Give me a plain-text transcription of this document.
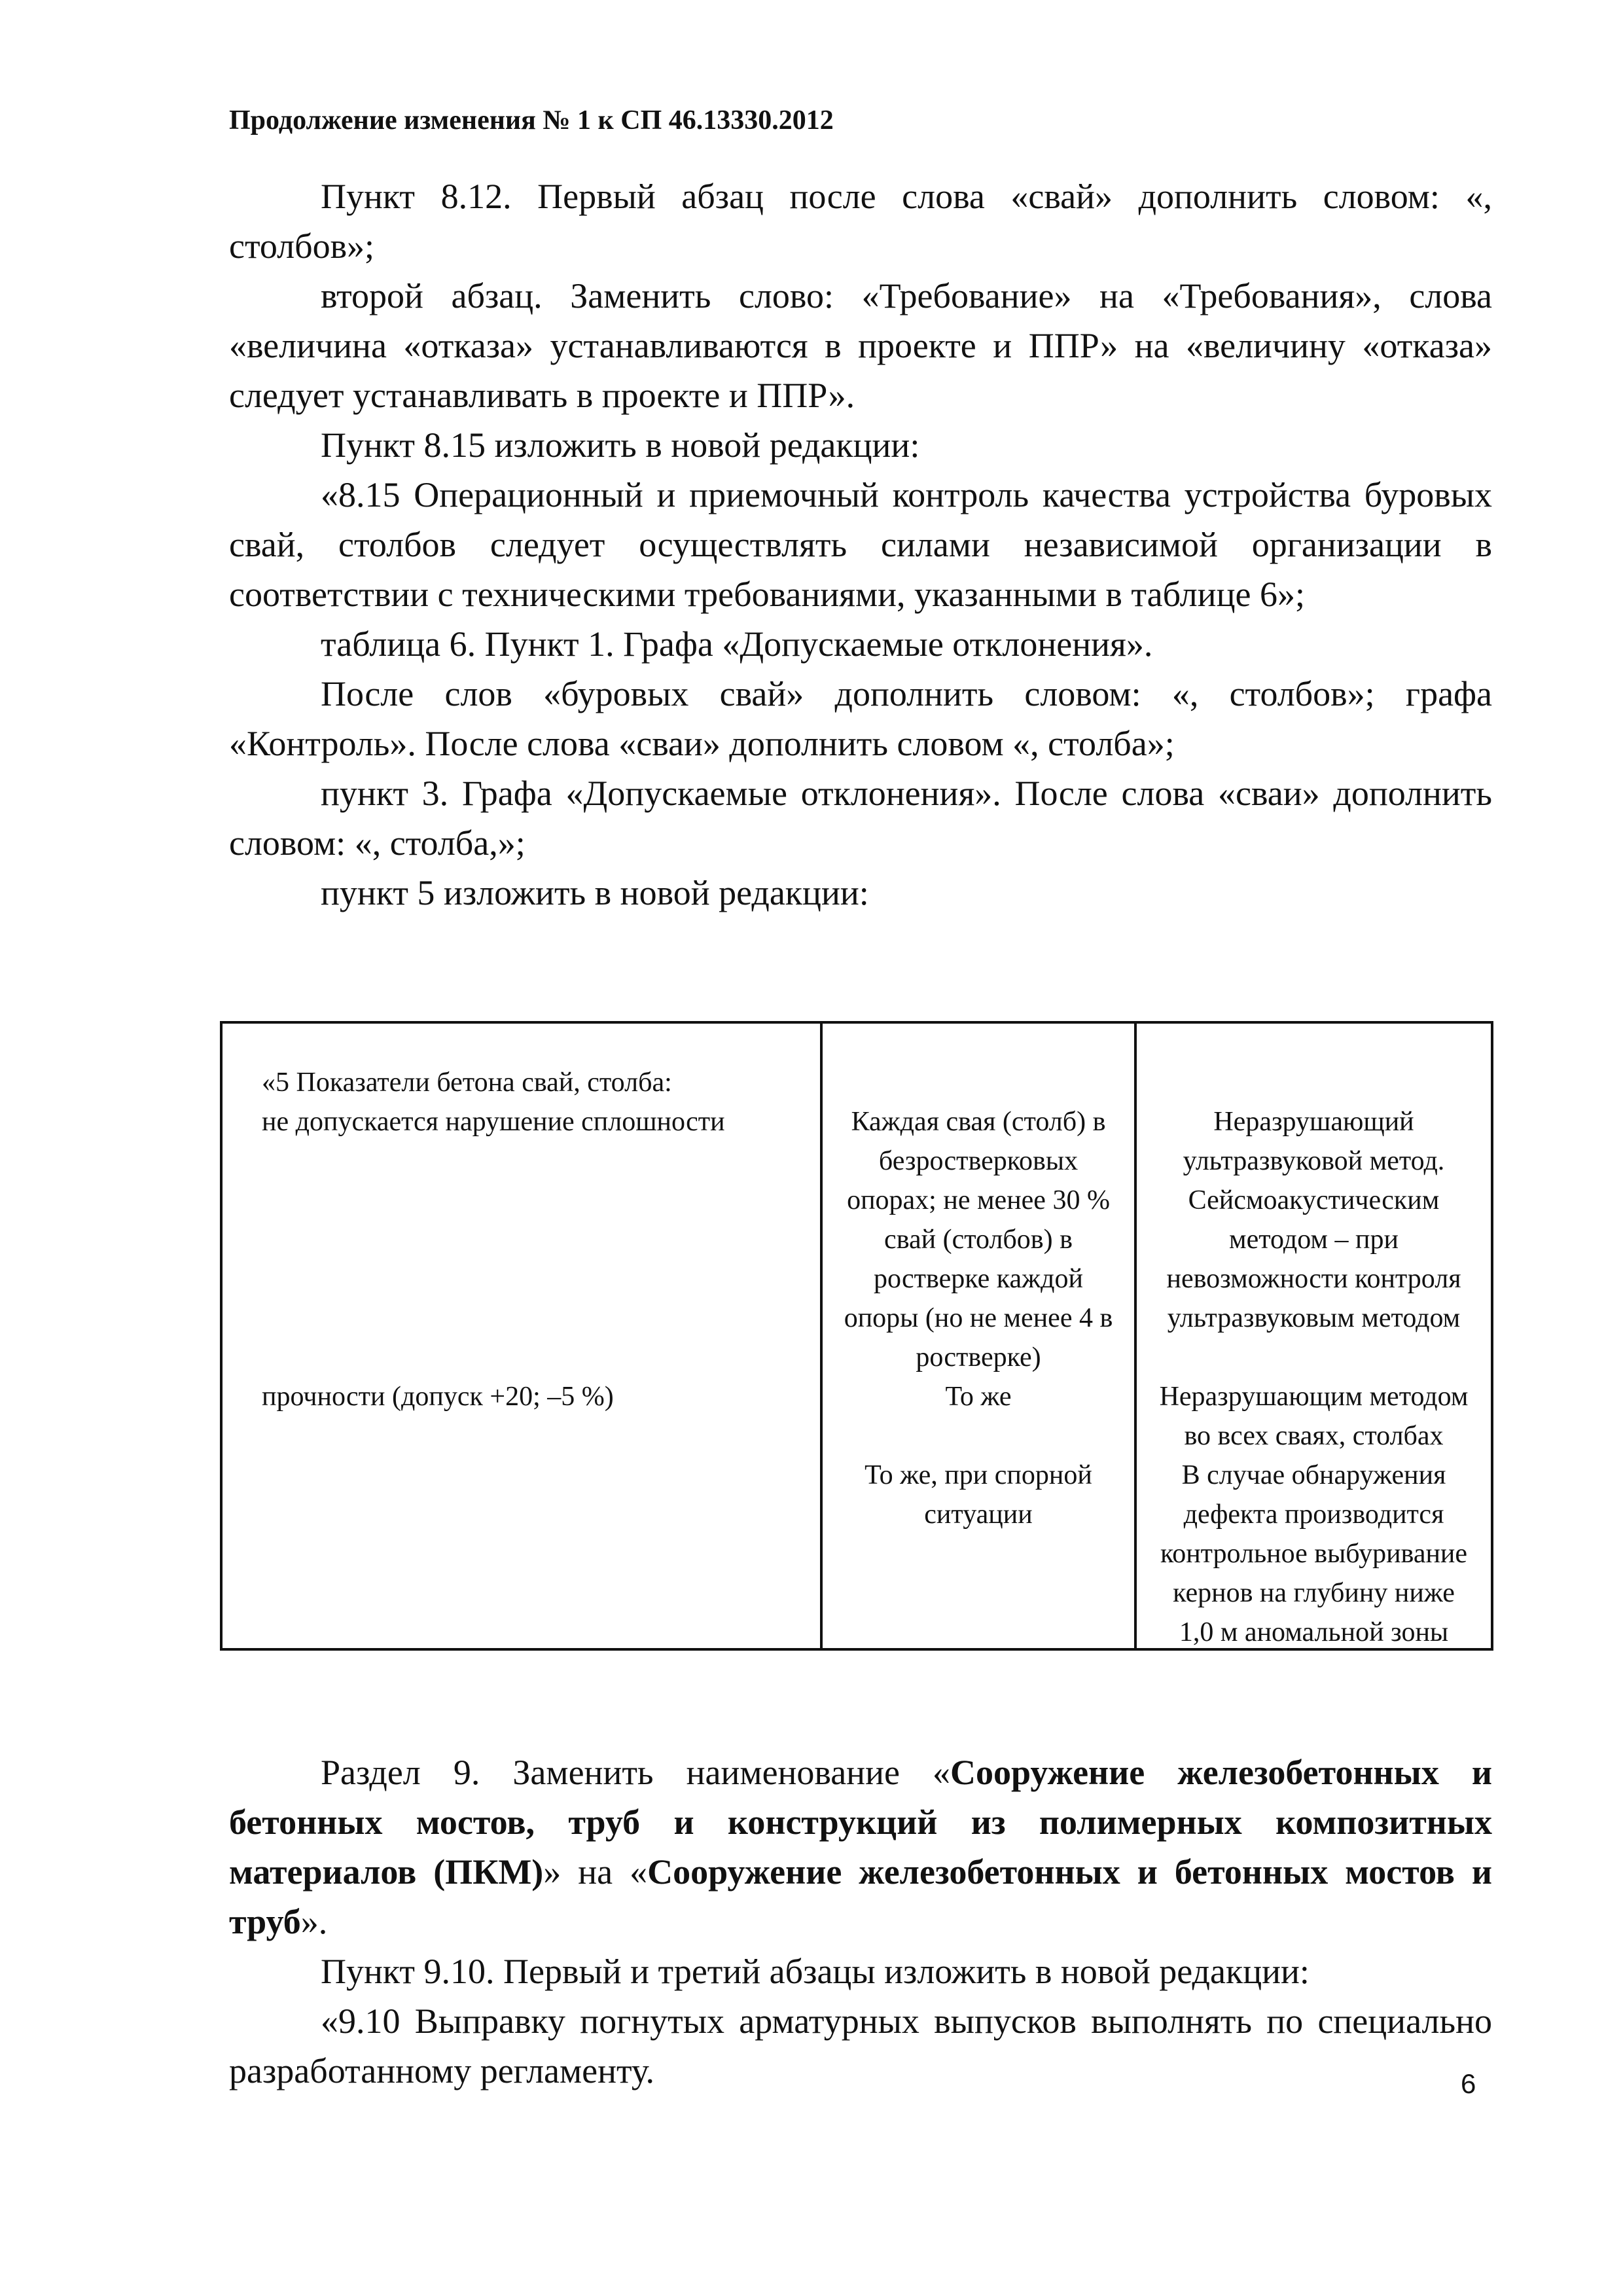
Продолжение изменения № 1 к СП 46.13330.2012

Пункт 8.12. Первый абзац после слова «свай» дополнить словом: «, столбов»;

второй абзац. Заменить слово: «Требование» на «Требования», слова «величина «отказа» устанавливаются в проекте и ППР» на «величину «отказа» следует устанавливать в проекте и ППР».

Пункт 8.15 изложить в новой редакции:

«8.15 Операционный и приемочный контроль качества устройства буровых свай, столбов следует осуществлять силами независимой организации в соответствии с техническими требованиями, указанными в таблице 6»;

таблица 6. Пункт 1. Графа «Допускаемые отклонения».

После слов «буровых свай» дополнить словом: «, столбов»; графа «Контроль». После слова «сваи» дополнить словом «, столба»;

пункт 3. Графа «Допускаемые отклонения». После слова «сваи» дополнить словом: «, столба,»;

пункт 5 изложить в новой редакции:

«5 Показатели бетона свай, столба:
не допускается нарушение сплошности
прочности (допуск +20; –5 %)
Каждая свая (столб) в
безростверковых
опорах; не менее 30 %
свай (столбов) в
ростверке каждой
опоры (но не менее 4 в
ростверке)
То же
То же, при спорной
ситуации
Неразрушающий
ультразвуковой метод.
Сейсмоакустическим
методом – при
невозможности контроля
ультразвуковым методом
Неразрушающим методом
во всех сваях, столбах
В случае обнаружения
дефекта производится
контрольное выбуривание
кернов на глубину ниже
1,0 м аномальной зоны

Раздел 9. Заменить наименование «Сооружение железобетонных и бетонных мостов, труб и конструкций из полимерных композитных материалов (ПКМ)» на «Сооружение железобетонных и бетонных мостов и труб».

Пункт 9.10. Первый и третий абзацы изложить в новой редакции:

«9.10 Выправку погнутых арматурных выпусков выполнять по специально разработанному регламенту.	6
